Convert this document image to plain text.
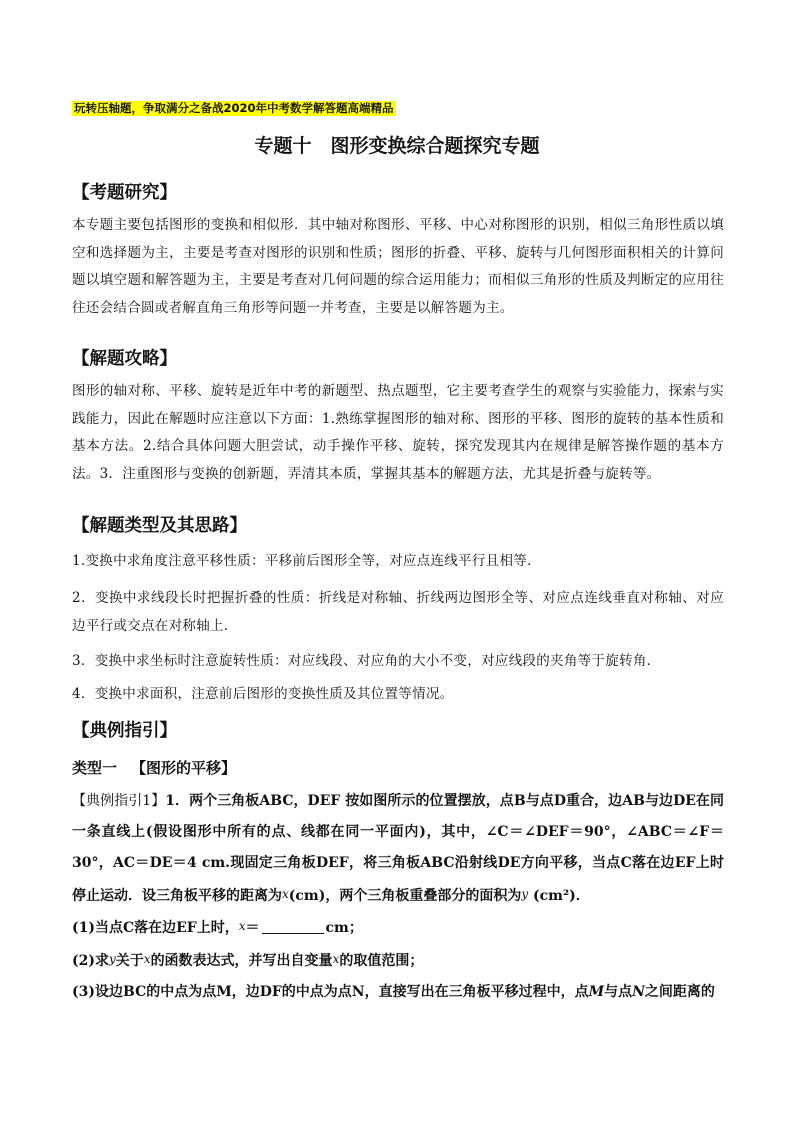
玩转压轴题，争取满分之备战2020年中考数学解答题高端精品
专题十　图形变换综合题探究专题
【考题研究】
本专题主要包括图形的变换和相似形．其中轴对称图形、平移、中心对称图形的识别，相似三角形性质以填空和选择题为主，主要是考查对图形的识别和性质；图形的折叠、平移、旋转与几何图形面积相关的计算问题以填空题和解答题为主，主要是考查对几何问题的综合运用能力；而相似三角形的性质及判断定的应用往往还会结合圆或者解直角三角形等问题一并考查，主要是以解答题为主。
【解题攻略】
图形的轴对称、平移、旋转是近年中考的新题型、热点题型，它主要考查学生的观察与实验能力，探索与实践能力，因此在解题时应注意以下方面：1.熟练掌握图形的轴对称、图形的平移、图形的旋转的基本性质和基本方法。2.结合具体问题大胆尝试，动手操作平移、旋转，探究发现其内在规律是解答操作题的基本方法。3．注重图形与变换的创新题，弄清其本质，掌握其基本的解题方法，尤其是折叠与旋转等。
【解题类型及其思路】
1.变换中求角度注意平移性质：平移前后图形全等，对应点连线平行且相等．
2．变换中求线段长时把握折叠的性质：折线是对称轴、折线两边图形全等、对应点连线垂直对称轴、对应边平行或交点在对称轴上．
3．变换中求坐标时注意旋转性质：对应线段、对应角的大小不变，对应线段的夹角等于旋转角．
4．变换中求面积，注意前后图形的变换性质及其位置等情况。
【典例指引】
类型一 【图形的平移】
【典例指引1】1．两个三角板ABC，DEF 按如图所示的位置摆放，点B与点D重合，边AB与边DE在同一条直线上(假设图形中所有的点、线都在同一平面内)，其中，∠C＝∠DEF＝90°，∠ABC＝∠F＝30°，AC＝DE＝4 cm.现固定三角板DEF，将三角板ABC沿射线DE方向平移，当点C落在边EF上时停止运动．设三角板平移的距离为x(cm)，两个三角板重叠部分的面积为y (cm²)．
(1)当点C落在边EF上时，x＝	cm；
(2)求y关于x的函数表达式，并写出自变量x的取值范围；
(3)设边BC的中点为点M，边DF的中点为点N，直接写出在三角板平移过程中，点M与点N之间距离的
